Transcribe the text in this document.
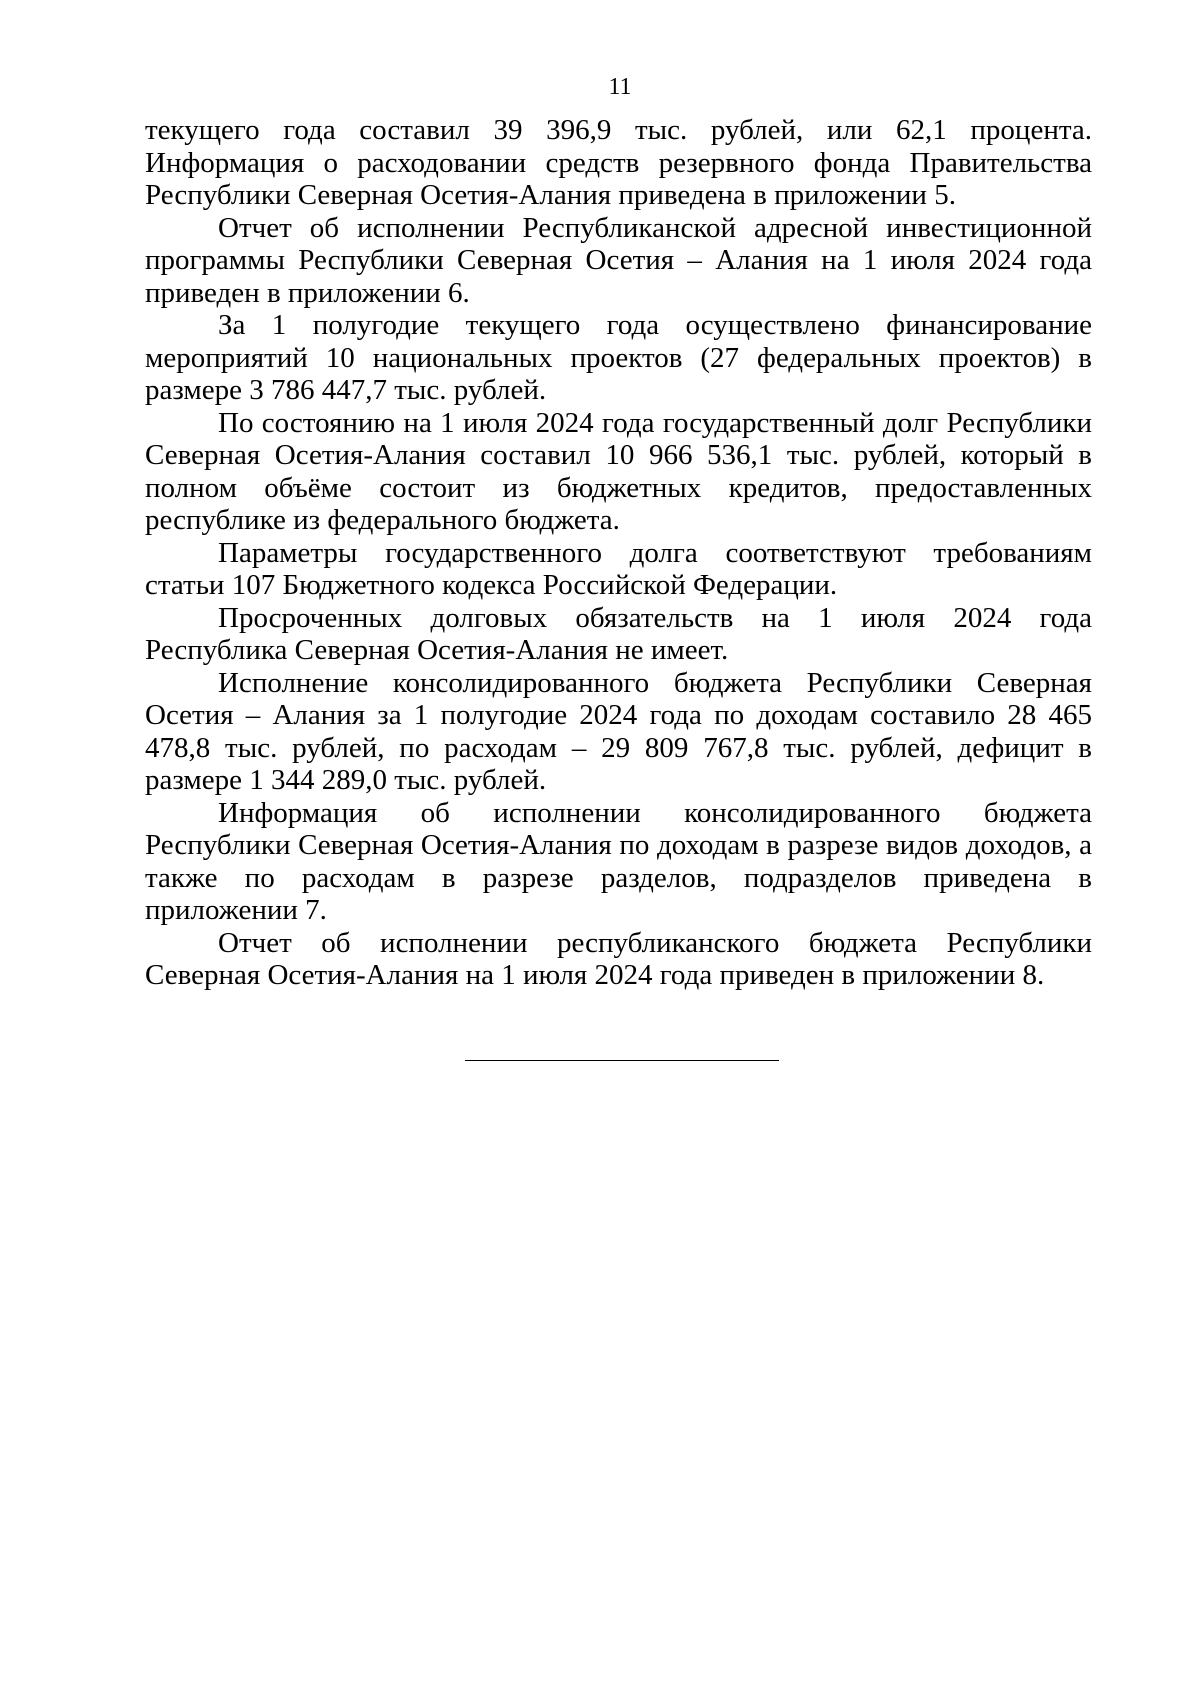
11

текущего года составил 39 396,9 тыс. рублей, или 62,1 процента. Информация о расходовании средств резервного фонда Правительства Республики Северная Осетия-Алания приведена в приложении 5.

Отчет об исполнении Республиканской адресной инвестиционной программы Республики Северная Осетия – Алания на 1 июля 2024 года приведен в приложении 6.

За 1 полугодие текущего года осуществлено финансирование мероприятий 10 национальных проектов (27 федеральных проектов) в размере 3 786 447,7 тыс. рублей.

По состоянию на 1 июля 2024 года государственный долг Республики Северная Осетия-Алания составил 10 966 536,1 тыс. рублей, который в полном объёме состоит из бюджетных кредитов, предоставленных республике из федерального бюджета.

Параметры государственного долга соответствуют требованиям статьи 107 Бюджетного кодекса Российской Федерации.

Просроченных долговых обязательств на 1 июля 2024 года Республика Северная Осетия-Алания не имеет.

Исполнение консолидированного бюджета Республики Северная Осетия – Алания за 1 полугодие 2024 года по доходам составило 28 465 478,8 тыс. рублей, по расходам – 29 809 767,8 тыс. рублей, дефицит в размере 1 344 289,0 тыс. рублей.

Информация об исполнении консолидированного бюджета Республики Северная Осетия-Алания по доходам в разрезе видов доходов, а также по расходам в разрезе разделов, подразделов приведена в приложении 7.

Отчет об исполнении республиканского бюджета Республики Северная Осетия-Алания на 1 июля 2024 года приведен в приложении 8.
